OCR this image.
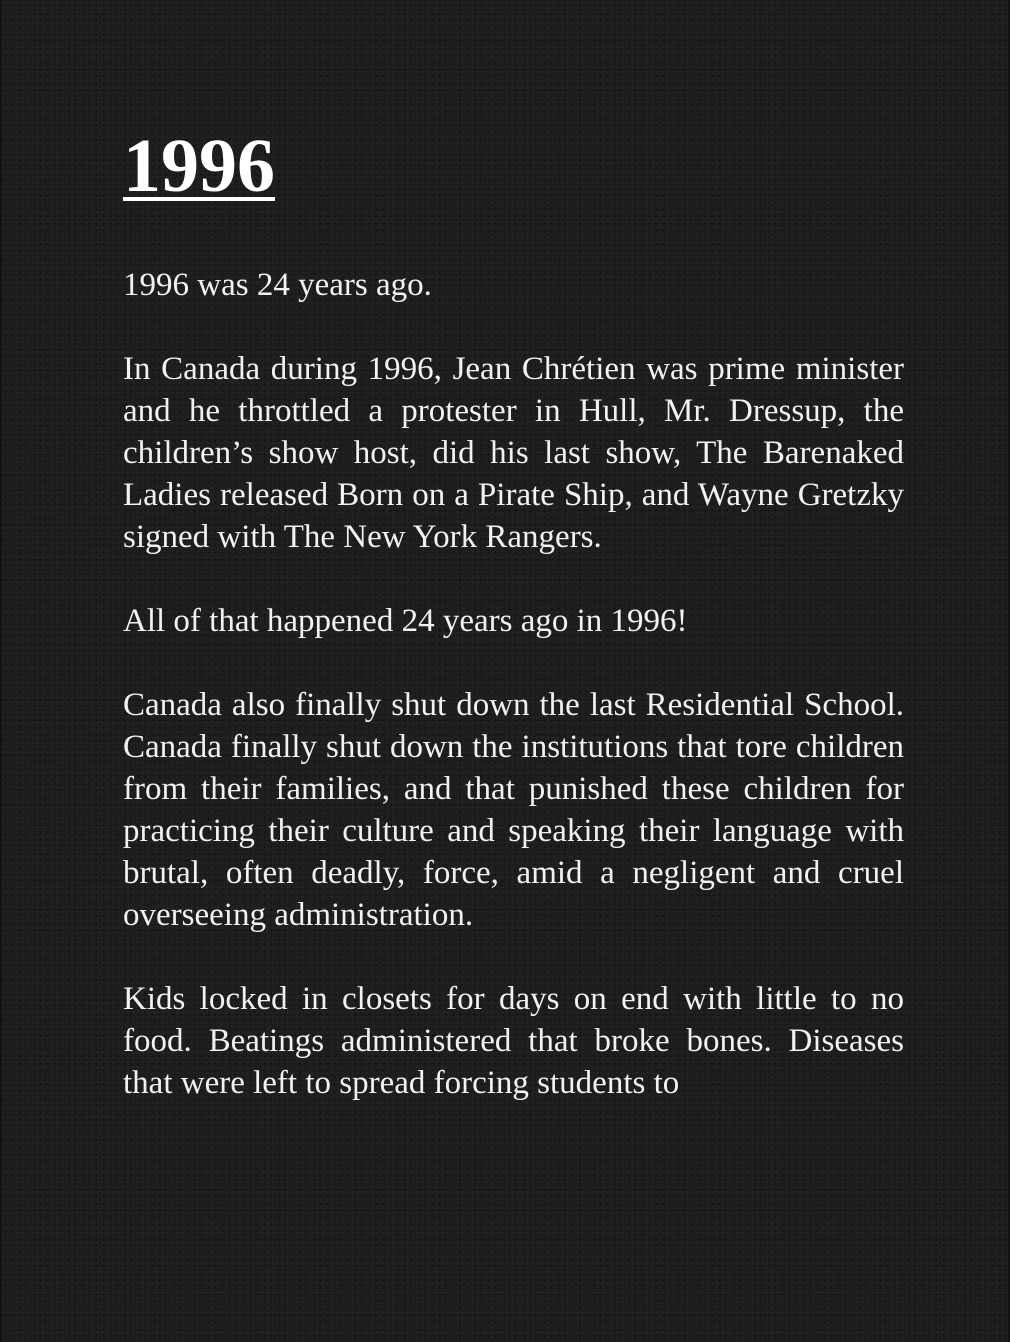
1996

1996 was 24 years ago.

In Canada during 1996, Jean Chrétien was prime minister and he throttled a protester in Hull, Mr. Dressup, the children’s show host, did his last show, The Barenaked Ladies released Born on a Pirate Ship, and Wayne Gretzky signed with The New York Rangers.

All of that happened 24 years ago in 1996!

Canada also finally shut down the last Residential School. Canada finally shut down the institutions that tore children from their families, and that punished these children for practicing their culture and speaking their language with brutal, often deadly, force, amid a negligent and cruel overseeing administration.

Kids locked in closets for days on end with little to no food. Beatings administered that broke bones. Diseases that were left to spread forcing students to
